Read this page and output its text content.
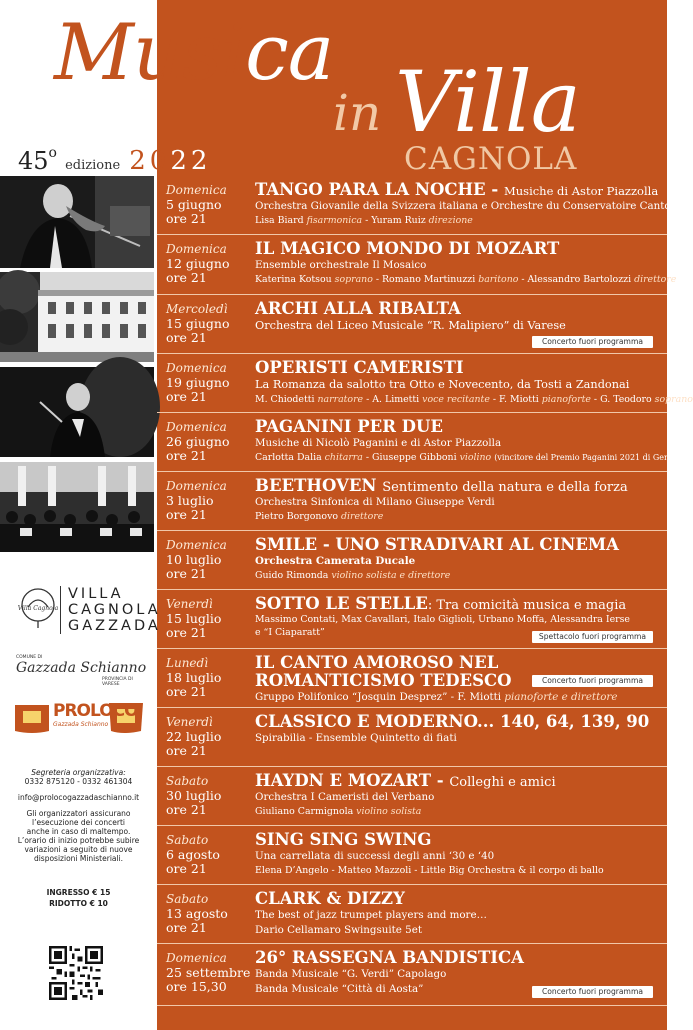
Musica
in Villa
CAGNOLA
45o edizione 2022
Domenica
5 giugno
ore 21
TANGO PARA LA NOCHE - Musiche di Astor Piazzolla
Orchestra Giovanile della Svizzera italiana e Orchestre du Conservatoire Cantonal
Lisa Biard fisarmonica - Yuram Ruiz direzione
Domenica
12 giugno
ore 21
IL MAGICO MONDO DI MOZART
Ensemble orchestrale Il Mosaico
Katerina Kotsou soprano - Romano Martinuzzi baritono - Alessandro Bartolozzi direttore
Mercoledì
15 giugno
ore 21
ARCHI ALLA RIBALTA
Orchestra del Liceo Musicale “R. Malipiero” di Varese
Concerto fuori programma
Domenica
19 giugno
ore 21
OPERISTI CAMERISTI
La Romanza da salotto tra Otto e Novecento, da Tosti a Zandonai
M. Chiodetti narratore - A. Limetti voce recitante - F. Miotti pianoforte - G. Teodoro soprano
Domenica
26 giugno
ore 21
PAGANINI PER DUE
Musiche di Nicolò Paganini e di Astor Piazzolla
Carlotta Dalia chitarra - Giuseppe Gibboni violino (vincitore del Premio Paganini 2021 di Genova)
Domenica
3 luglio
ore 21
BEETHOVEN Sentimento della natura e della forza
Orchestra Sinfonica di Milano Giuseppe Verdi
Pietro Borgonovo direttore
Domenica
10 luglio
ore 21
SMILE - UNO STRADIVARI AL CINEMA
Orchestra Camerata Ducale
Guido Rimonda violino solista e direttore
Venerdì
15 luglio
ore 21
SOTTO LE STELLE: Tra comicità musica e magia
Massimo Contati, Max Cavallari, Italo Giglioli, Urbano Moffa, Alessandra Ierse
e “I Ciaparatt”	Spettacolo fuori programma
Lunedì
18 luglio
ore 21
IL CANTO AMOROSO NEL
ROMANTICISMO TEDESCO
Gruppo Polifonico “Josquin Desprez” - F. Miotti pianoforte e direttore
Concerto fuori programma
Venerdì
22 luglio
ore 21
CLASSICO E MODERNO... 140, 64, 139, 90
Spirabilia - Ensemble Quintetto di fiati
Sabato
30 luglio
ore 21
HAYDN E MOZART - Colleghi e amici
Orchestra I Cameristi del Verbano
Giuliano Carmignola violino solista
Sabato
6 agosto
ore 21
SING SING SWING
Una carrellata di successi degli anni ‘30 e ‘40
Elena D’Angelo - Matteo Mazzoli - Little Big Orchestra & il corpo di ballo
Sabato
13 agosto
ore 21
CLARK & DIZZY
The best of jazz trumpet players and more…
Dario Cellamaro Swingsuite 5et
Domenica
25 settembre
ore 15,30
26° RASSEGNA BANDISTICA
Banda Musicale “G. Verdi” Capolago
Banda Musicale “Città di Aosta”	Concerto fuori programma
Villa Cagnola
VILLA
CAGNOLA
GAZZADA
COMUNE DI
Gazzada Schianno
PROVINCIA DI VARESE
PROLOCO
Gazzada Schianno
Segreteria organizzativa:
0332 875120 - 0332 461304
info@prolocogazzadaschianno.it
Gli organizzatori assicurano
l’esecuzione dei concerti
anche in caso di maltempo.
L’orario di inizio potrebbe subire
variazioni a seguito di nuove
disposizioni Ministeriali.
INGRESSO € 15
RIDOTTO € 10
